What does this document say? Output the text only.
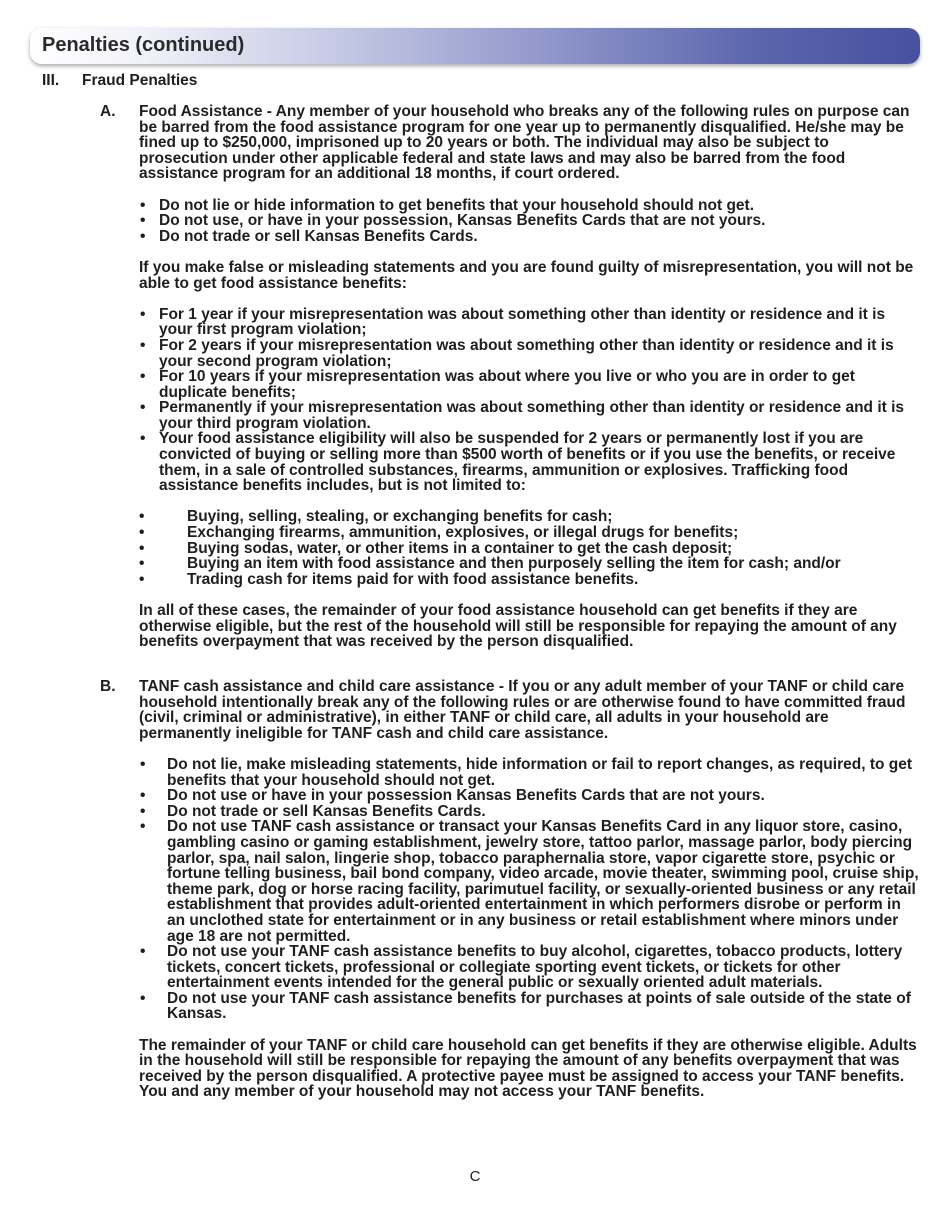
Penalties (continued)
III. Fraud Penalties
A. Food Assistance - Any member of your household who breaks any of the following rules on purpose can be barred from the food assistance program for one year up to permanently disqualified. He/she may be fined up to $250,000, imprisoned up to 20 years or both. The individual may also be subject to prosecution under other applicable federal and state laws and may also be barred from the food assistance program for an additional 18 months, if court ordered.

• Do not lie or hide information to get benefits that your household should not get.
• Do not use, or have in your possession, Kansas Benefits Cards that are not yours.
• Do not trade or sell Kansas Benefits Cards.

If you make false or misleading statements and you are found guilty of misrepresentation, you will not be able to get food assistance benefits:

• For 1 year if your misrepresentation was about something other than identity or residence and it is your first program violation;
• For 2 years if your misrepresentation was about something other than identity or residence and it is your second program violation;
• For 10 years if your misrepresentation was about where you live or who you are in order to get duplicate benefits;
• Permanently if your misrepresentation was about something other than identity or residence and it is your third program violation.
• Your food assistance eligibility will also be suspended for 2 years or permanently lost if you are convicted of buying or selling more than $500 worth of benefits or if you use the benefits, or receive them, in a sale of controlled substances, firearms, ammunition or explosives. Trafficking food assistance benefits includes, but is not limited to:
• Buying, selling, stealing, or exchanging benefits for cash;
• Exchanging firearms, ammunition, explosives, or illegal drugs for benefits;
• Buying sodas, water, or other items in a container to get the cash deposit;
• Buying an item with food assistance and then purposely selling the item for cash; and/or
• Trading cash for items paid for with food assistance benefits.

In all of these cases, the remainder of your food assistance household can get benefits if they are otherwise eligible, but the rest of the household will still be responsible for repaying the amount of any benefits overpayment that was received by the person disqualified.

B. TANF cash assistance and child care assistance - If you or any adult member of your TANF or child care household intentionally break any of the following rules or are otherwise found to have committed fraud (civil, criminal or administrative), in either TANF or child care, all adults in your household are permanently ineligible for TANF cash and child care assistance.

• Do not lie, make misleading statements, hide information or fail to report changes, as required, to get benefits that your household should not get.
• Do not use or have in your possession Kansas Benefits Cards that are not yours.
• Do not trade or sell Kansas Benefits Cards.
• Do not use TANF cash assistance or transact your Kansas Benefits Card in any liquor store, casino, gambling casino or gaming establishment, jewelry store, tattoo parlor, massage parlor, body piercing parlor, spa, nail salon, lingerie shop, tobacco paraphernalia store, vapor cigarette store, psychic or fortune telling business, bail bond company, video arcade, movie theater, swimming pool, cruise ship, theme park, dog or horse racing facility, parimutuel facility, or sexually-oriented business or any retail establishment that provides adult-oriented entertainment in which performers disrobe or perform in an unclothed state for entertainment or in any business or retail establishment where minors under age 18 are not permitted.
• Do not use your TANF cash assistance benefits to buy alcohol, cigarettes, tobacco products, lottery tickets, concert tickets, professional or collegiate sporting event tickets, or tickets for other entertainment events intended for the general public or sexually oriented adult materials.
• Do not use your TANF cash assistance benefits for purchases at points of sale outside of the state of Kansas.

The remainder of your TANF or child care household can get benefits if they are otherwise eligible. Adults in the household will still be responsible for repaying the amount of any benefits overpayment that was received by the person disqualified. A protective payee must be assigned to access your TANF benefits. You and any member of your household may not access your TANF benefits.

C
